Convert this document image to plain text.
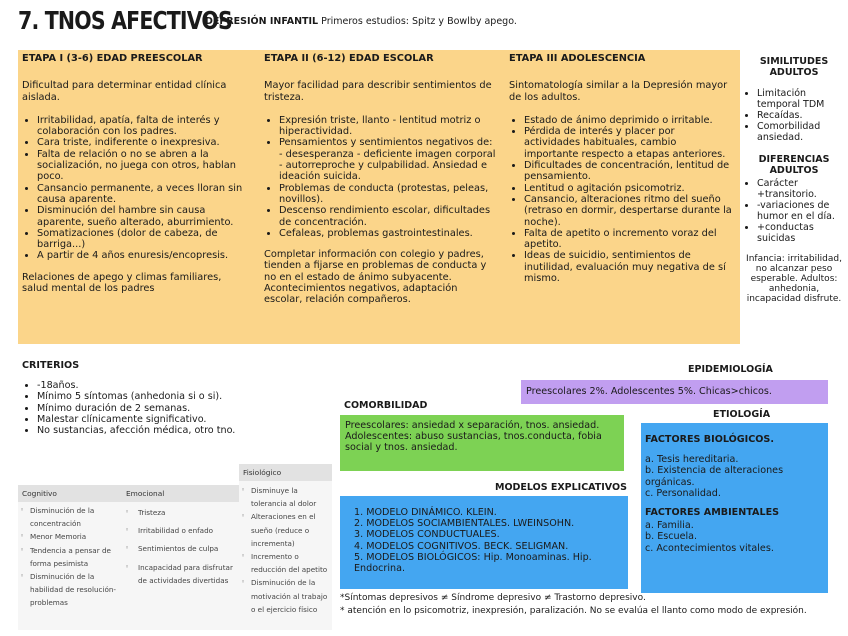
7. TNOS AFECTIVOS
DEPRESIÓN INFANTIL Primeros estudios: Spitz y Bowlby apego.
ETAPA I (3-6) EDAD PREESCOLAR

Dificultad para determinar entidad clínica aislada.

• Irritabilidad, apatía, falta de interés y colaboración con los padres.
• Cara triste, indiferente o inexpresiva.
• Falta de relación o no se abren a la socialización, no juega con otros, hablan poco.
• Cansancio permanente, a veces lloran sin causa aparente.
• Disminución del hambre sin causa aparente, sueño alterado, aburrimiento.
• Somatizaciones (dolor de cabeza, de barriga...)
• A partir de 4 años enuresis/encopresis.

Relaciones de apego y climas familiares, salud mental de los padres

ETAPA II (6-12) EDAD ESCOLAR

Mayor facilidad para describir sentimientos de tristeza.

• Expresión triste, llanto - lentitud motriz o hiperactividad.
• Pensamientos y sentimientos negativos de: - desesperanza - deficiente imagen corporal - autorreproche y culpabilidad. Ansiedad e ideación suicida.
• Problemas de conducta (protestas, peleas, novillos).
• Descenso rendimiento escolar, dificultades de concentración.
• Cefaleas, problemas gastrointestinales.

Completar información con colegio y padres, tienden a fijarse en problemas de conducta y no en el estado de ánimo subyacente. Acontecimientos negativos, adaptación escolar, relación compañeros.

ETAPA III ADOLESCENCIA

Sintomatología similar a la Depresión mayor de los adultos.

• Estado de ánimo deprimido o irritable.
• Pérdida de interés y placer por actividades habituales, cambio importante respecto a etapas anteriores.
• Dificultades de concentración, lentitud de pensamiento.
• Lentitud o agitación psicomotriz.
• Cansancio, alteraciones ritmo del sueño (retraso en dormir, despertarse durante la noche).
• Falta de apetito o incremento voraz del apetito.
• Ideas de suicidio, sentimientos de inutilidad, evaluación muy negativa de sí mismo.
SIMILITUDES ADULTOS
• Limitación temporal TDM
• Recaídas.
• Comorbilidad ansiedad.
DIFERENCIAS ADULTOS
• Carácter +transitorio.
• -variaciones de humor en el día.
• +conductas suicidas

Infancia: irritabilidad, no alcanzar peso esperable. Adultos: anhedonia, incapacidad disfrute.

CRITERIOS
• -18años.
• Mínimo 5 síntomas (anhedonia si o si).
• Mínimo duración de 2 semanas.
• Malestar clínicamente significativo.
• No sustancias, afección médica, otro tno.
Fisiológico
Cognitivo	Emocional
◦ Disminución de la concentración
◦ Menor Memoria
◦ Tendencia a pensar de forma pesimista
◦ Disminución de la habilidad de resolución-problemas
◦ Tristeza
◦ Irritabilidad o enfado
◦ Sentimientos de culpa
◦ Incapacidad para disfrutar de actividades divertidas
◦ Disminuye la tolerancia al dolor
◦ Alteraciones en el sueño (reduce o incrementa)
◦ Incremento o reducción del apetito
◦ Disminución de la motivación al trabajo o el ejercicio físico
EPIDEMIOLOGÍA
Preescolares 2%. Adolescentes 5%. Chicas>chicos.
COMORBILIDAD
Preescolares: ansiedad x separación, tnos. ansiedad.
Adolescentes: abuso sustancias, tnos.conducta, fobia social y tnos. ansiedad.
ETIOLOGÍA
FACTORES BIOLÓGICOS.
a. Tesis hereditaria.
b. Existencia de alteraciones orgánicas.
c. Personalidad.
FACTORES AMBIENTALES
a. Familia.
b. Escuela.
c. Acontecimientos vitales.
MODELOS EXPLICATIVOS
1. MODELO DINÁMICO. KLEIN.
2. MODELOS SOCIAMBIENTALES. LWEINSOHN.
3. MODELOS CONDUCTUALES.
4. MODELOS COGNITIVOS. BECK. SELIGMAN.
5. MODELOS BIOLÓGICOS: Hip. Monoaminas. Hip. Endocrina.

*Síntomas depresivos ≠ Síndrome depresivo ≠ Trastorno depresivo.

* atención en lo psicomotriz, inexpresión, paralización. No se evalúa el llanto como modo de expresión.
